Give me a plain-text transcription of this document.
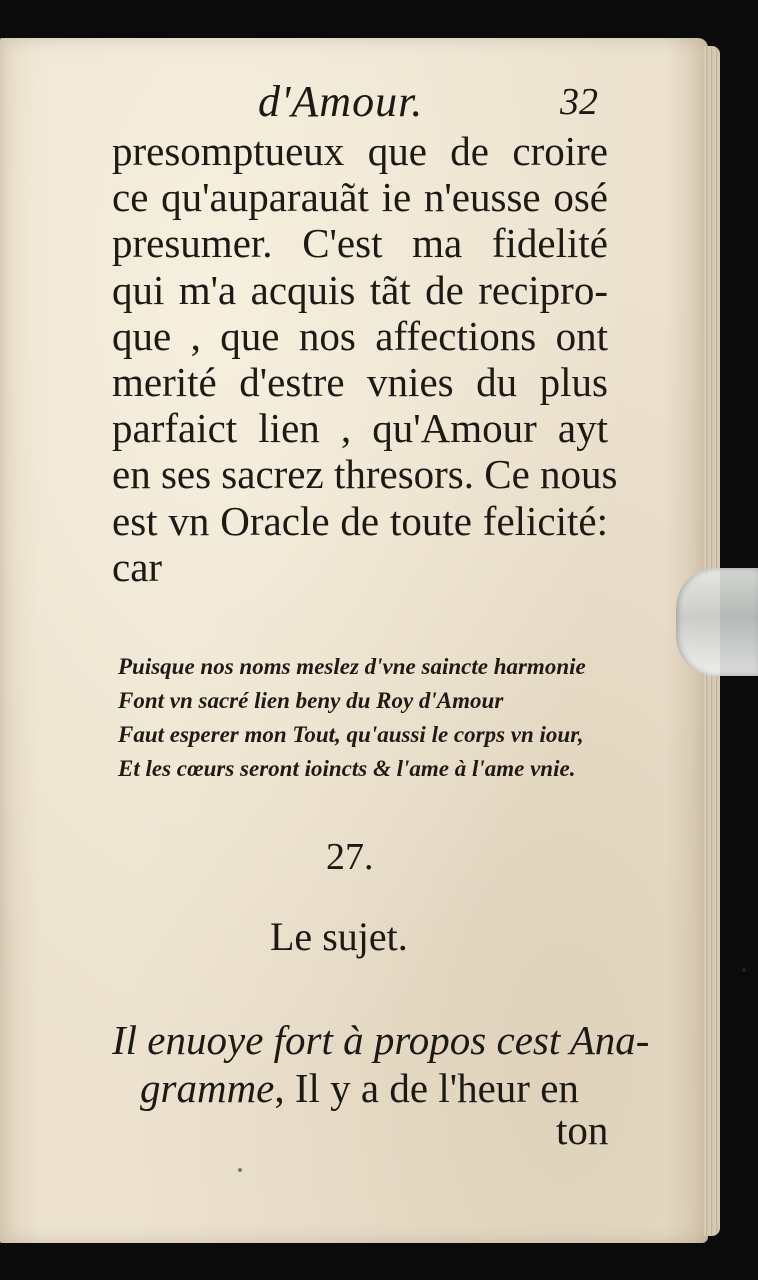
d'Amour.	32
presomptueux que de croire
ce qu'auparauãt ie n'eusse osé
presumer. C'est ma fidelité
qui m'a acquis tãt de recipro-
que , que nos affections ont
merité d'estre vnies du plus
parfaict lien , qu'Amour ayt
en ses sacrez thresors. Ce nous
est vn Oracle de toute felicité:
car
Puisque nos noms meslez d'vne saincte harmonie
Font vn sacré lien beny du Roy d'Amour
Faut esperer mon Tout, qu'aussi le corps vn iour,
Et les cœurs seront ioincts & l'ame à l'ame vnie.
27.
Le sujet.
Il enuoye fort à propos cest Ana-
gramme, Il y a de l'heur en
ton
